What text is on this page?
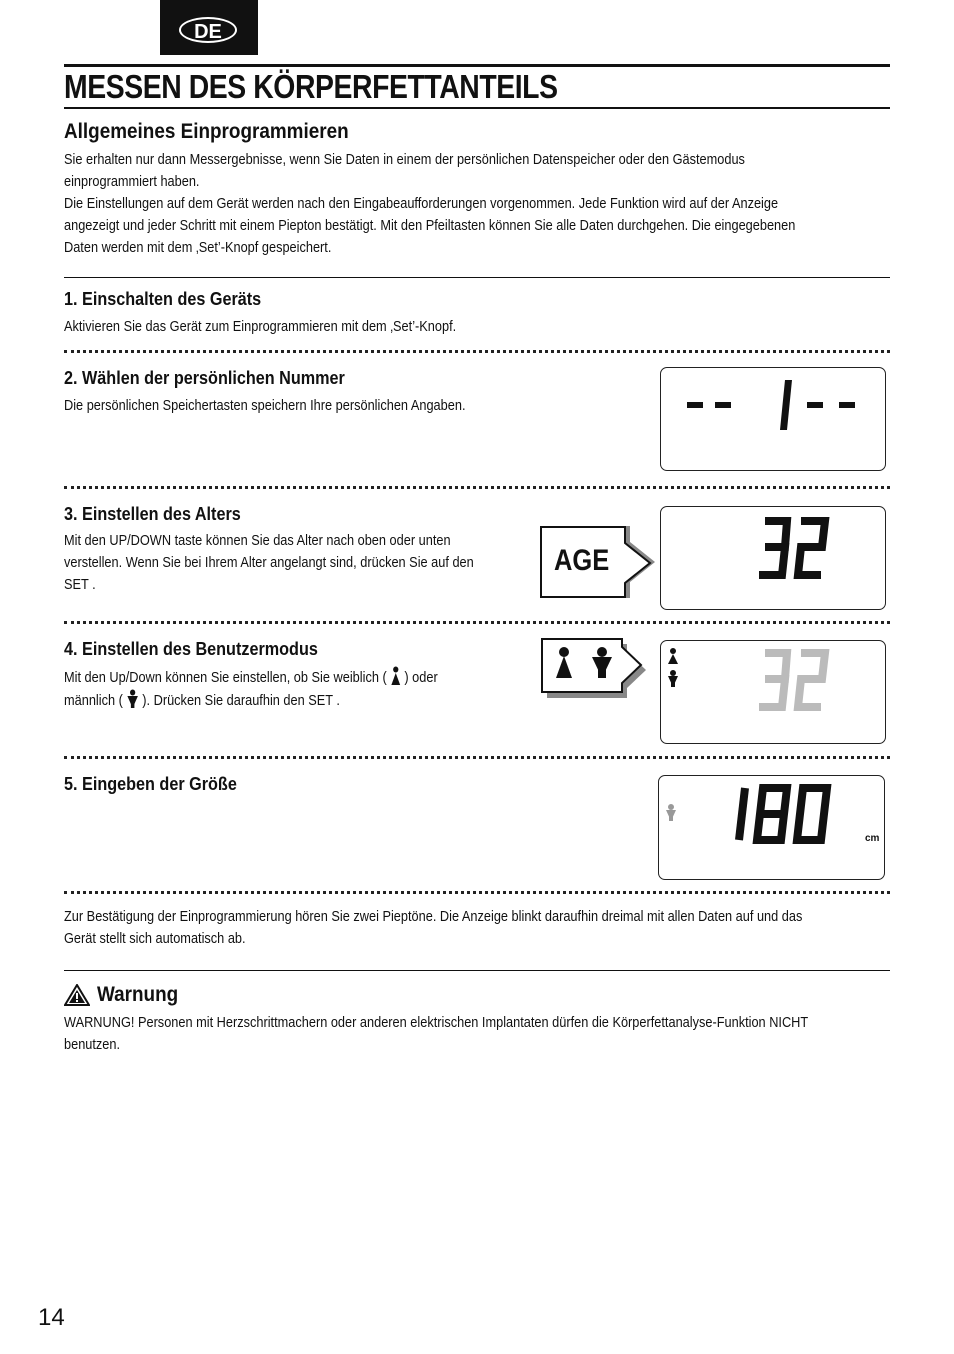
DE
MESSEN DES KÖRPERFETTANTEILS
Allgemeines Einprogrammieren
Sie erhalten nur dann Messergebnisse, wenn Sie Daten in einem der persönlichen Datenspeicher oder den Gästemodus
einprogrammiert haben.
Die Einstellungen auf dem Gerät werden nach den Eingabeaufforderungen vorgenommen. Jede Funktion wird auf der Anzeige
angezeigt und jeder Schritt mit einem Piepton bestätigt. Mit den Pfeiltasten können Sie alle Daten durchgehen. Die eingegebenen
Daten werden mit dem ‚Set’-Knopf gespeichert.
1. Einschalten des Geräts
Aktivieren Sie das Gerät zum Einprogrammieren mit dem ‚Set’-Knopf.
2. Wählen der persönlichen Nummer
Die persönlichen Speichertasten speichern Ihre persönlichen Angaben.
3. Einstellen des Alters
Mit den UP/DOWN taste können Sie das Alter nach oben oder unten
verstellen. Wenn Sie bei Ihrem Alter angelangt sind, drücken Sie auf den
SET .
AGE
4. Einstellen des Benutzermodus
Mit den Up/Down können Sie einstellen, ob Sie weiblich ( ) oder
männlich ( ). Drücken Sie daraufhin den SET .
5. Eingeben der Größe
cm
Zur Bestätigung der Einprogrammierung hören Sie zwei Pieptöne. Die Anzeige blinkt daraufhin dreimal mit allen Daten auf und das
Gerät stellt sich automatisch ab.
Warnung
WARNUNG! Personen mit Herzschrittmachern oder anderen elektrischen Implantaten dürfen die Körperfettanalyse-Funktion NICHT
benutzen.
14
